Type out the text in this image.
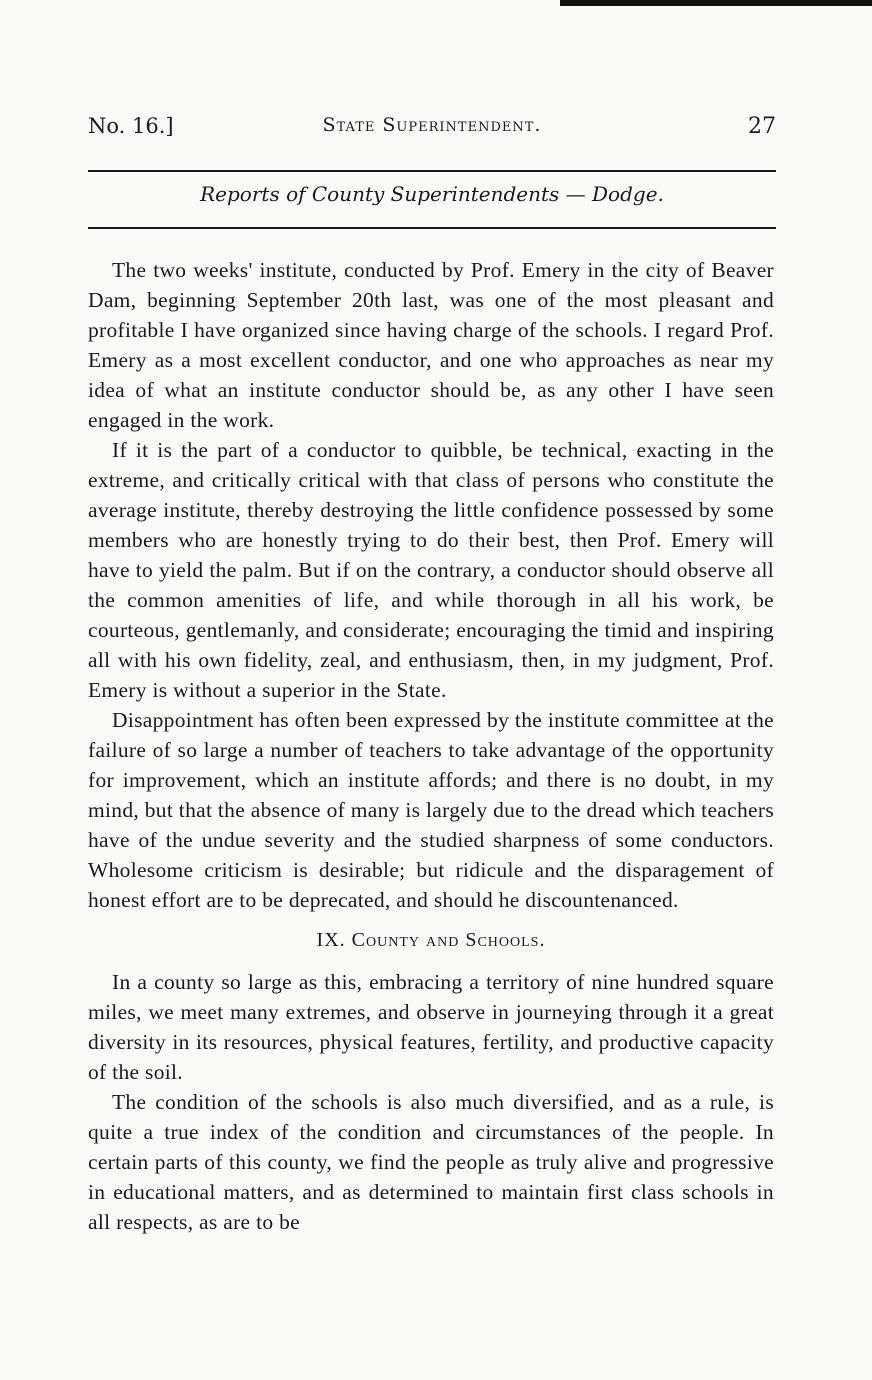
No. 16.]	State Superintendent.	27
Reports of County Superintendents — Dodge.

The two weeks' institute, conducted by Prof. Emery in the city of Beaver Dam, beginning September 20th last, was one of the most pleasant and profitable I have organized since having charge of the schools. I regard Prof. Emery as a most excellent conductor, and one who approaches as near my idea of what an institute conductor should be, as any other I have seen engaged in the work.

If it is the part of a conductor to quibble, be technical, exacting in the extreme, and critically critical with that class of persons who constitute the average institute, thereby destroying the little confidence possessed by some members who are honestly trying to do their best, then Prof. Emery will have to yield the palm. But if on the contrary, a conductor should observe all the common amenities of life, and while thorough in all his work, be courteous, gentlemanly, and considerate; encouraging the timid and inspiring all with his own fidelity, zeal, and enthusiasm, then, in my judgment, Prof. Emery is without a superior in the State.

Disappointment has often been expressed by the institute committee at the failure of so large a number of teachers to take advantage of the opportunity for improvement, which an institute affords; and there is no doubt, in my mind, but that the absence of many is largely due to the dread which teachers have of the undue severity and the studied sharpness of some conductors. Wholesome criticism is desirable; but ridicule and the disparagement of honest effort are to be deprecated, and should he discountenanced.

IX. County and Schools.

In a county so large as this, embracing a territory of nine hundred square miles, we meet many extremes, and observe in journeying through it a great diversity in its resources, physical features, fertility, and productive capacity of the soil.

The condition of the schools is also much diversified, and as a rule, is quite a true index of the condition and circumstances of the people. In certain parts of this county, we find the people as truly alive and progressive in educational matters, and as determined to maintain first class schools in all respects, as are to be
